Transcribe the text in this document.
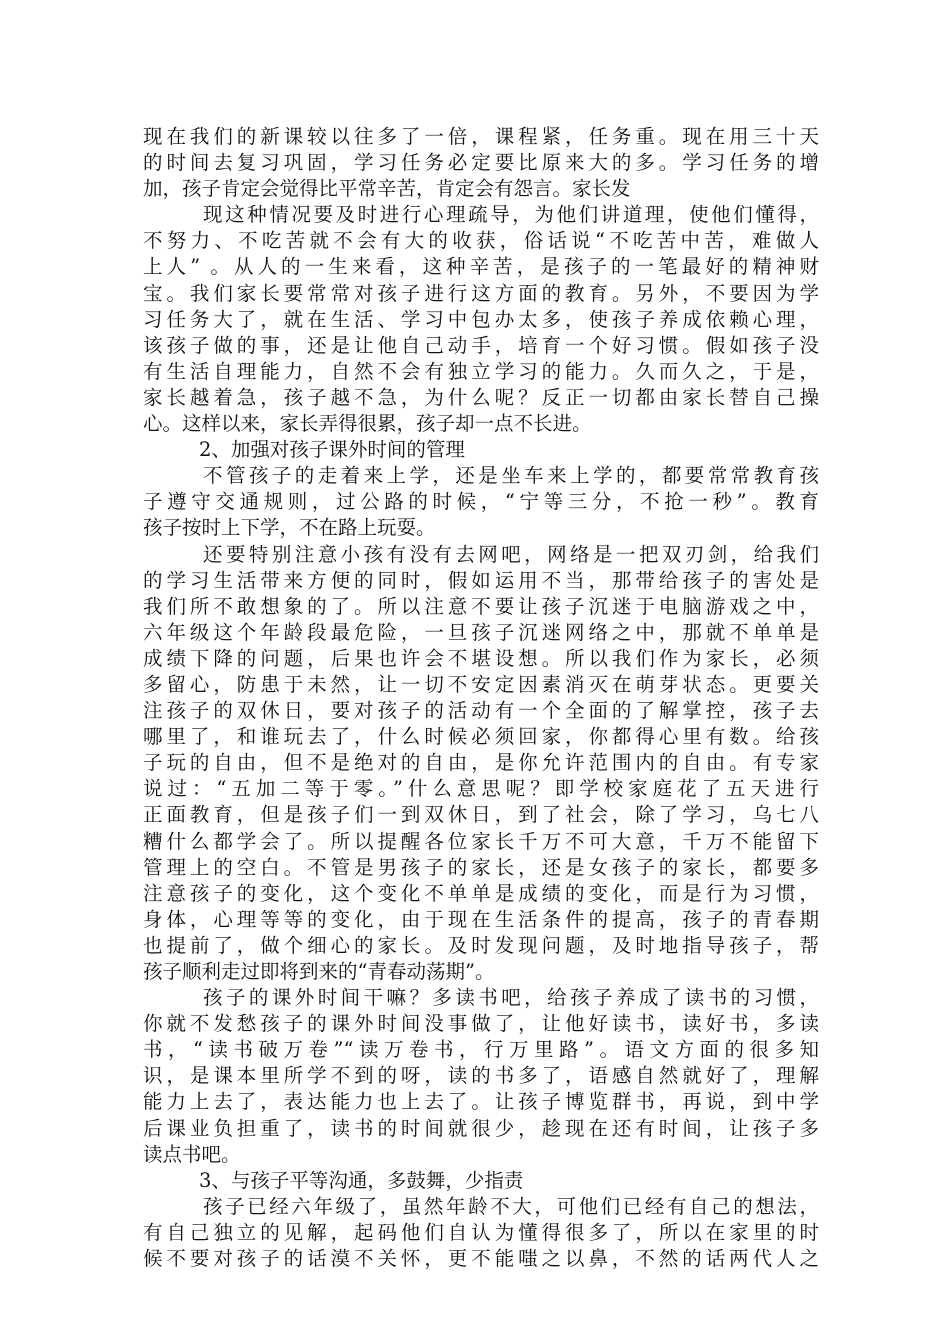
现在我们的新课较以往多了一倍，课程紧，任务重。现在用三十天
的时间去复习巩固，学习任务必定要比原来大的多。学习任务的增
加，孩子肯定会觉得比平常辛苦，肯定会有怨言。家长发
现这种情况要及时进行心理疏导，为他们讲道理，使他们懂得，
不努力、不吃苦就不会有大的收获，俗话说“不吃苦中苦，难做人
上人” 。从人的一生来看，这种辛苦，是孩子的一笔最好的精神财
宝。我们家长要常常对孩子进行这方面的教育。另外，不要因为学
习任务大了，就在生活、学习中包办太多，使孩子养成依赖心理，
该孩子做的事，还是让他自己动手，培育一个好习惯。假如孩子没
有生活自理能力，自然不会有独立学习的能力。久而久之，于是，
家长越着急，孩子越不急，为什么呢？反正一切都由家长替自己操
心。这样以来，家长弄得很累，孩子却一点不长进。
2、加强对孩子课外时间的管理
不管孩子的走着来上学，还是坐车来上学的，都要常常教育孩
子遵守交通规则，过公路的时候，“宁等三分，不抢一秒”。教育
孩子按时上下学，不在路上玩耍。
还要特别注意小孩有没有去网吧，网络是一把双刃剑，给我们
的学习生活带来方便的同时，假如运用不当，那带给孩子的害处是
我们所不敢想象的了。所以注意不要让孩子沉迷于电脑游戏之中，
六年级这个年龄段最危险，一旦孩子沉迷网络之中，那就不单单是
成绩下降的问题，后果也许会不堪设想。所以我们作为家长，必须
多留心，防患于未然，让一切不安定因素消灭在萌芽状态。更要关
注孩子的双休日，要对孩子的活动有一个全面的了解掌控，孩子去
哪里了，和谁玩去了，什么时候必须回家，你都得心里有数。给孩
子玩的自由，但不是绝对的自由，是你允许范围内的自由。有专家
说过：“五加二等于零。”什么意思呢？即学校家庭花了五天进行
正面教育，但是孩子们一到双休日，到了社会，除了学习，乌七八
糟什么都学会了。所以提醒各位家长千万不可大意，千万不能留下
管理上的空白。不管是男孩子的家长，还是女孩子的家长，都要多
注意孩子的变化，这个变化不单单是成绩的变化，而是行为习惯，
身体，心理等等的变化，由于现在生活条件的提高，孩子的青春期
也提前了，做个细心的家长。及时发现问题，及时地指导孩子，帮
孩子顺利走过即将到来的“青春动荡期”。
孩子的课外时间干嘛？多读书吧，给孩子养成了读书的习惯，
你就不发愁孩子的课外时间没事做了，让他好读书，读好书，多读
书，“读书破万卷”“读万卷书，行万里路”。语文方面的很多知
识，是课本里所学不到的呀，读的书多了，语感自然就好了，理解
能力上去了，表达能力也上去了。让孩子博览群书，再说，到中学
后课业负担重了，读书的时间就很少，趁现在还有时间，让孩子多
读点书吧。
3、与孩子平等沟通，多鼓舞，少指责
孩子已经六年级了，虽然年龄不大，可他们已经有自己的想法，
有自己独立的见解，起码他们自认为懂得很多了，所以在家里的时
候不要对孩子的话漠不关怀，更不能嗤之以鼻，不然的话两代人之
